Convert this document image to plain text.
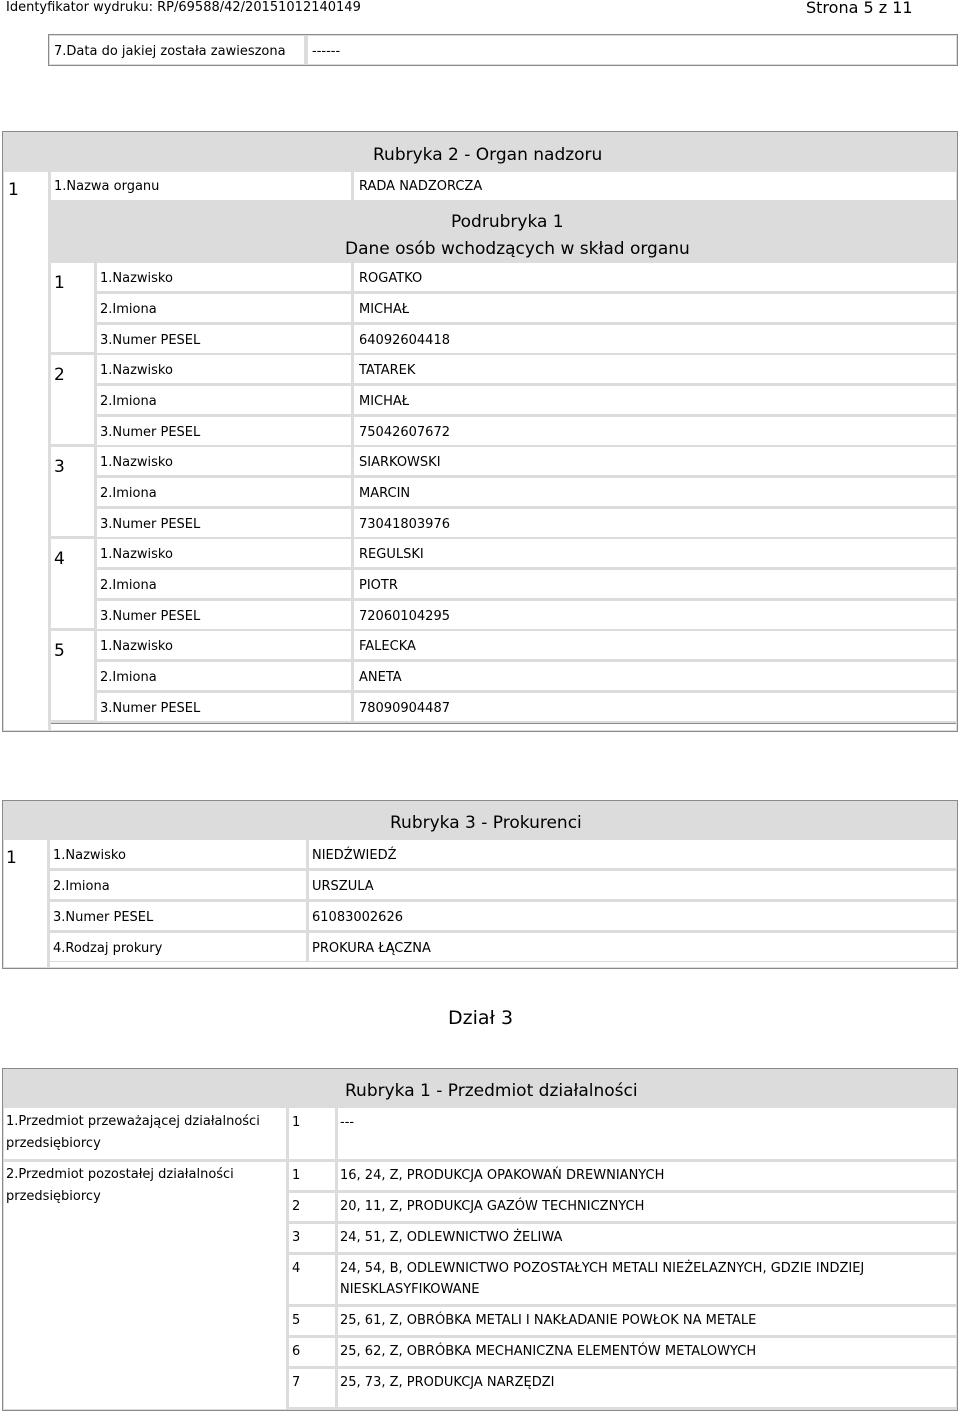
Identyfikator wydruku: RP/69588/42/20151012140149	Strona 5 z 11
7.Data do jakiej została zawieszona ------
Rubryka 2 - Organ nadzoru
1	1.Nazwa organu	RADA NADZORCZA
Podrubryka 1
Dane osób wchodzących w skład organu
1	1.Nazwisko	ROGATKO
2.Imiona	MICHAŁ
3.Numer PESEL	64092604418
2	1.Nazwisko	TATAREK
2.Imiona	MICHAŁ
3.Numer PESEL	75042607672
3	1.Nazwisko	SIARKOWSKI
2.Imiona	MARCIN
3.Numer PESEL	73041803976
4	1.Nazwisko	REGULSKI
2.Imiona	PIOTR
3.Numer PESEL	72060104295
5	1.Nazwisko	FALECKA
2.Imiona	ANETA
3.Numer PESEL	78090904487
Rubryka 3 - Prokurenci
1	1.Nazwisko	NIEDŹWIEDŹ
2.Imiona	URSZULA
3.Numer PESEL	61083002626
4.Rodzaj prokury	PROKURA ŁĄCZNA
Dział 3
Rubryka 1 - Przedmiot działalności
1.Przedmiot przeważającej działalności
przedsiębiorcy
1	---
2.Przedmiot pozostałej działalności
przedsiębiorcy
1	16, 24, Z, PRODUKCJA OPAKOWAŃ DREWNIANYCH
2	20, 11, Z, PRODUKCJA GAZÓW TECHNICZNYCH
3	24, 51, Z, ODLEWNICTWO ŻELIWA
4	24, 54, B, ODLEWNICTWO POZOSTAŁYCH METALI NIEŻELAZNYCH, GDZIE INDZIEJ
NIESKLASYFIKOWANE
5	25, 61, Z, OBRÓBKA METALI I NAKŁADANIE POWŁOK NA METALE
6	25, 62, Z, OBRÓBKA MECHANICZNA ELEMENTÓW METALOWYCH
7	25, 73, Z, PRODUKCJA NARZĘDZI
